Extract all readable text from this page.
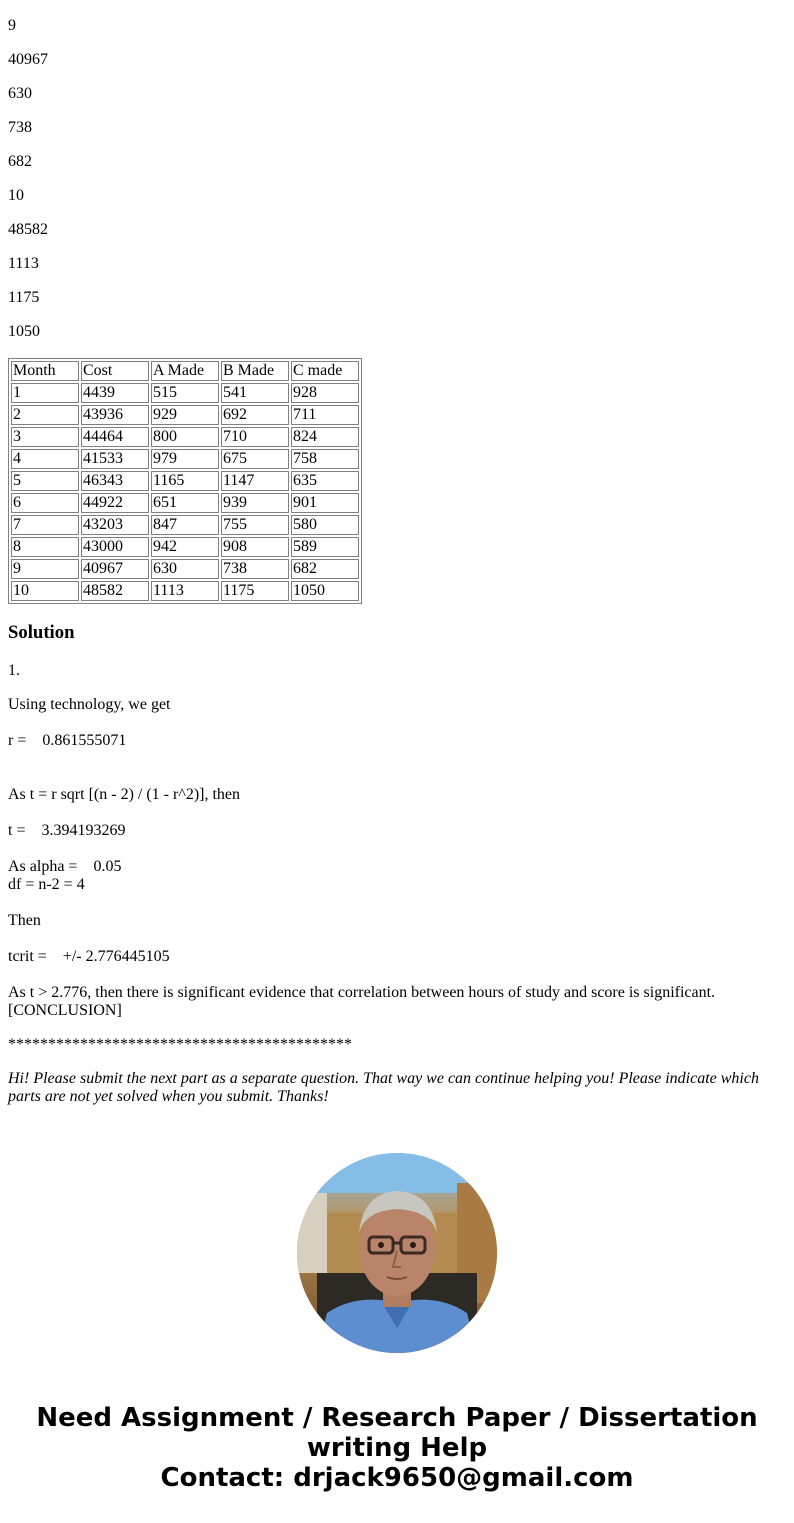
9

40967

630

738

682

10

48582

1113

1175

1050

Month	Cost	A Made	B Made	C made
1	4439	515	541	928
2	43936	929	692	711
3	44464	800	710	824
4	41533	979	675	758
5	46343	1165	1147	635
6	44922	651	939	901
7	43203	847	755	580
8	43000	942	908	589
9	40967	630	738	682
10	48582	1113	1175	1050
Solution

1.

Using technology, we get

r =    0.861555071

As t = r sqrt [(n - 2) / (1 - r^2)], then

t =    3.394193269

As alpha =    0.05

df = n-2 = 4

Then

tcrit =    +/- 2.776445105

As t > 2.776, then there is significant evidence that correlation between hours of study and score is significant.

[CONCLUSION]

*******************************************

Hi! Please submit the next part as a separate question. That way we can continue helping you! Please indicate which parts are not yet solved when you submit. Thanks!

Need Assignment / Research Paper / Dissertation
writing Help
Contact: drjack9650@gmail.com
